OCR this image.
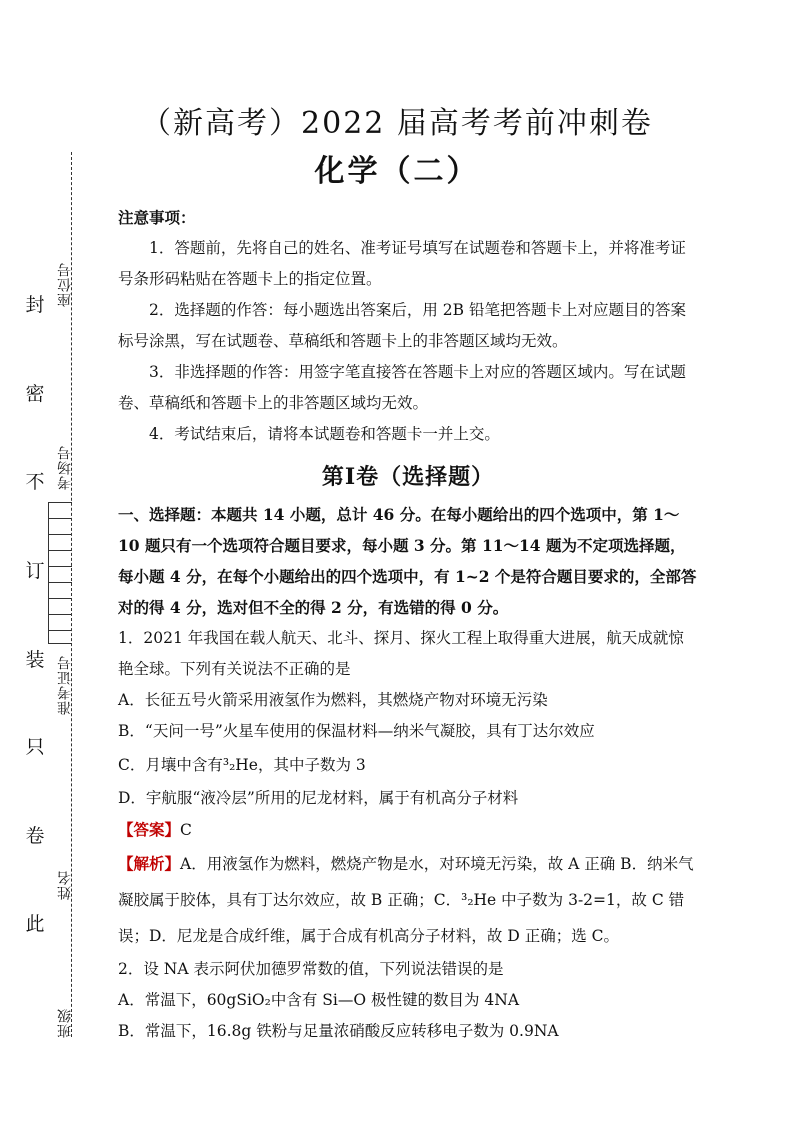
封
密
不
订
装
只
卷
此
座位号
考场号
准考证号
姓名
班级
（新高考）2022 届高考考前冲刺卷
化学（二）

注意事项：

1．答题前，先将自己的姓名、准考证号填写在试题卷和答题卡上，并将准考证号条形码粘贴在答题卡上的指定位置。

2．选择题的作答：每小题选出答案后，用 2B 铅笔把答题卡上对应题目的答案标号涂黑，写在试题卷、草稿纸和答题卡上的非答题区域均无效。

3．非选择题的作答：用签字笔直接答在答题卡上对应的答题区域内。写在试题卷、草稿纸和答题卡上的非答题区域均无效。

4．考试结束后，请将本试题卷和答题卡一并上交。

第Ⅰ卷（选择题）

一、选择题：本题共 14 小题，总计 46 分。在每小题给出的四个选项中，第 1～10 题只有一个选项符合题目要求，每小题 3 分。第 11～14 题为不定项选择题，每小题 4 分，在每个小题给出的四个选项中，有 1~2 个是符合题目要求的，全部答对的得 4 分，选对但不全的得 2 分，有选错的得 0 分。

1．2021 年我国在载人航天、北斗、探月、探火工程上取得重大进展，航天成就惊艳全球。下列有关说法不正确的是

A．长征五号火箭采用液氢作为燃料，其燃烧产物对环境无污染

B．“天问一号”火星车使用的保温材料—纳米气凝胶，具有丁达尔效应

C．月壤中含有³₂He，其中子数为 3

D．宇航服“液冷层”所用的尼龙材料，属于有机高分子材料

【答案】C

【解析】A．用液氢作为燃料，燃烧产物是水，对环境无污染，故 A 正确 B．纳米气凝胶属于胶体，具有丁达尔效应，故 B 正确；C．³₂He 中子数为 3-2=1，故 C 错误；D．尼龙是合成纤维，属于合成有机高分子材料，故 D 正确；选 C。

2．设 NA 表示阿伏加德罗常数的值，下列说法错误的是

A．常温下，60gSiO₂中含有 Si—O 极性键的数目为 4NA

B．常温下，16.8g 铁粉与足量浓硝酸反应转移电子数为 0.9NA
